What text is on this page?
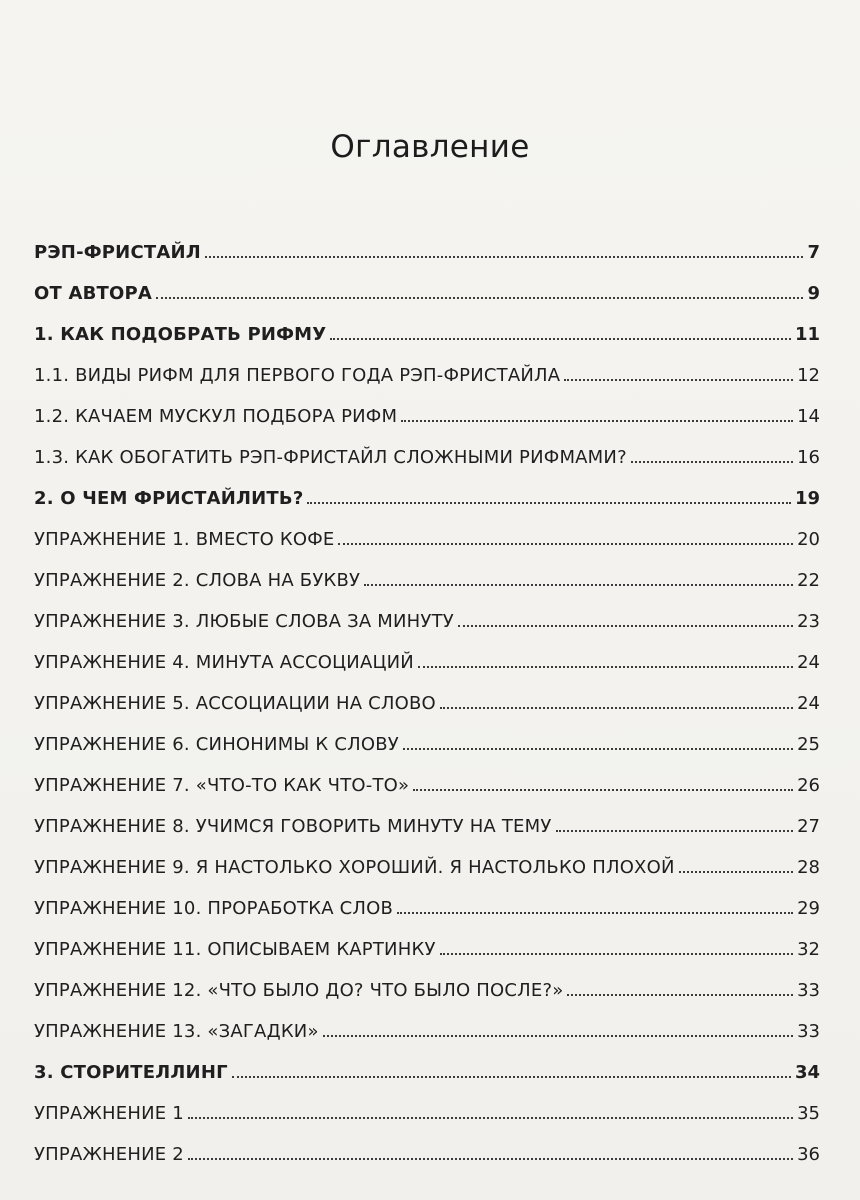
Оглавление
РЭП-ФРИСТАЙЛ	7
ОТ АВТОРА	9
1. КАК ПОДОБРАТЬ РИФМУ	11
1.1. ВИДЫ РИФМ ДЛЯ ПЕРВОГО ГОДА РЭП-ФРИСТАЙЛА	12
1.2. КАЧАЕМ МУСКУЛ ПОДБОРА РИФМ	14
1.3. КАК ОБОГАТИТЬ РЭП-ФРИСТАЙЛ СЛОЖНЫМИ РИФМАМИ?	16
2. О ЧЕМ ФРИСТАЙЛИТЬ?	19
УПРАЖНЕНИЕ 1. ВМЕСТО КОФЕ	20
УПРАЖНЕНИЕ 2. СЛОВА НА БУКВУ	22
УПРАЖНЕНИЕ 3. ЛЮБЫЕ СЛОВА ЗА МИНУТУ	23
УПРАЖНЕНИЕ 4. МИНУТА АССОЦИАЦИЙ	24
УПРАЖНЕНИЕ 5. АССОЦИАЦИИ НА СЛОВО	24
УПРАЖНЕНИЕ 6. СИНОНИМЫ К СЛОВУ	25
УПРАЖНЕНИЕ 7. «ЧТО-ТО КАК ЧТО-ТО»	26
УПРАЖНЕНИЕ 8. УЧИМСЯ ГОВОРИТЬ МИНУТУ НА ТЕМУ	27
УПРАЖНЕНИЕ 9. Я НАСТОЛЬКО ХОРОШИЙ. Я НАСТОЛЬКО ПЛОХОЙ	28
УПРАЖНЕНИЕ 10. ПРОРАБОТКА СЛОВ	29
УПРАЖНЕНИЕ 11. ОПИСЫВАЕМ КАРТИНКУ	32
УПРАЖНЕНИЕ 12. «ЧТО БЫЛО ДО? ЧТО БЫЛО ПОСЛЕ?»	33
УПРАЖНЕНИЕ 13. «ЗАГАДКИ»	33
3. СТОРИТЕЛЛИНГ	34
УПРАЖНЕНИЕ 1	35
УПРАЖНЕНИЕ 2	36
